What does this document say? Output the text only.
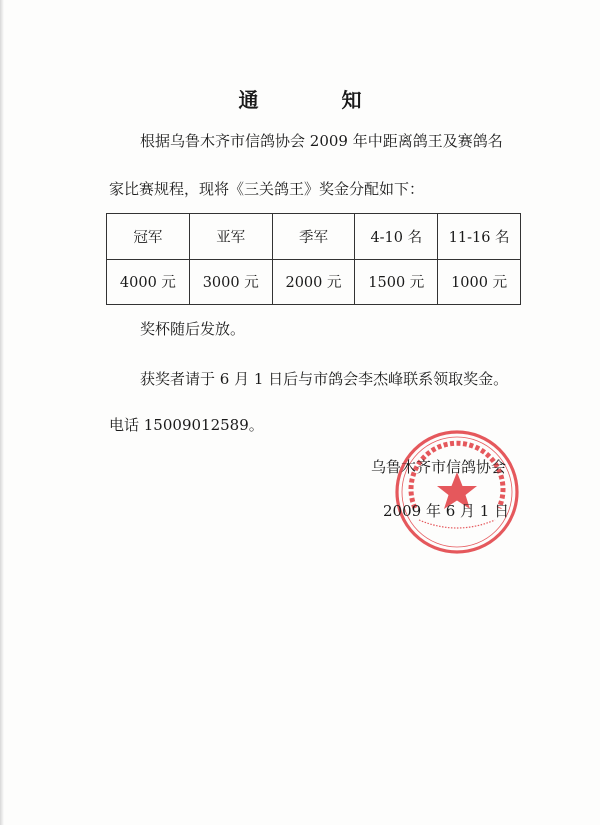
通 知
根据乌鲁木齐市信鸽协会 2009 年中距离鸽王及赛鸽名
家比赛规程，现将《三关鸽王》奖金分配如下：
冠军	亚军	季军	4-10 名	11-16 名
4000 元	3000 元	2000 元	1500 元	1000 元
奖杯随后发放。
获奖者请于 6 月 1 日后与市鸽会李杰峰联系领取奖金。
电话 15009012589。
乌鲁木齐市信鸽协会
2009 年 6 月 1 日
